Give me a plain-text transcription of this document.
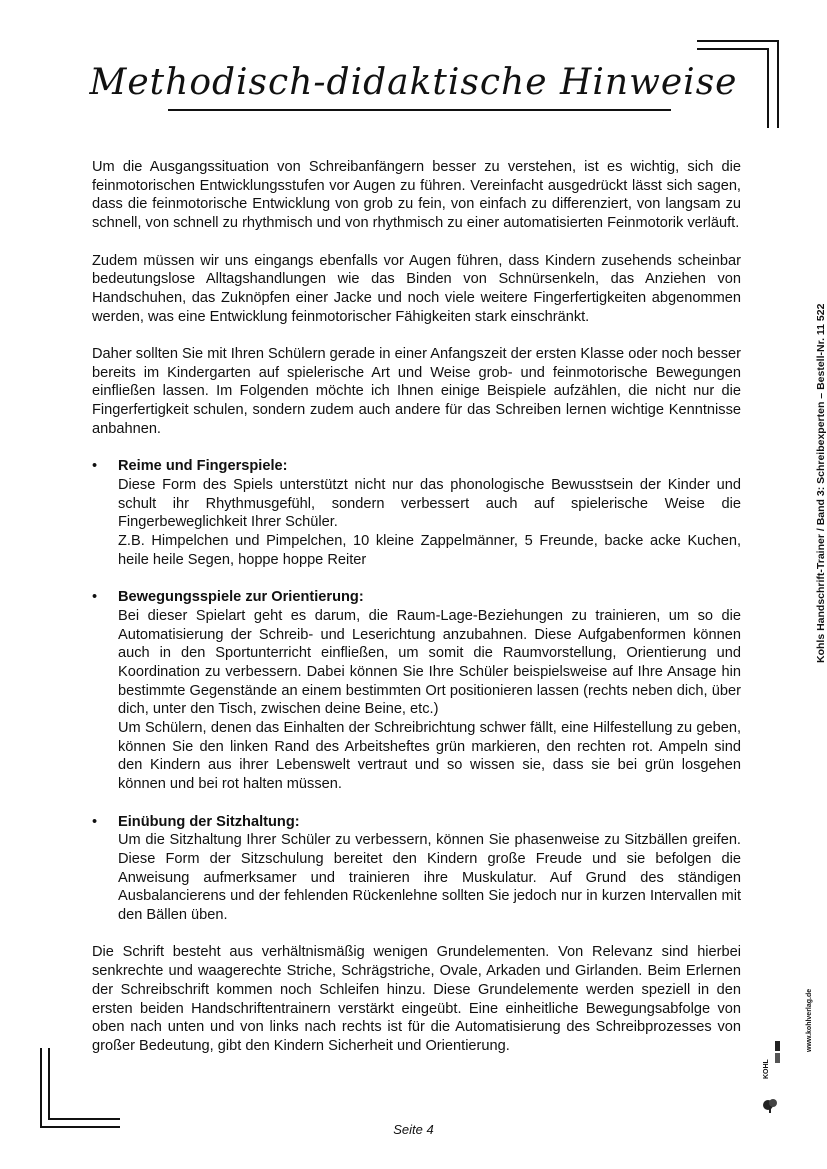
Methodisch-didaktische Hinweise

Um die Ausgangssituation von Schreibanfängern besser zu verstehen, ist es wichtig, sich die feinmotorischen Entwicklungsstufen vor Augen zu führen. Vereinfacht ausgedrückt lässt sich sagen, dass die feinmotorische Entwicklung von grob zu fein, von einfach zu differenziert, von langsam zu schnell, von schnell zu rhythmisch und von rhythmisch zu einer automatisierten Feinmotorik verläuft.

Zudem müssen wir uns eingangs ebenfalls vor Augen führen, dass Kindern zusehends scheinbar bedeutungslose Alltagshandlungen wie das Binden von Schnürsenkeln, das Anziehen von Handschuhen, das Zuknöpfen einer Jacke und noch viele weitere Fingerfertigkeiten abgenommen werden, was eine Entwicklung feinmotorischer Fähigkeiten stark einschränkt.

Daher sollten Sie mit Ihren Schülern gerade in einer Anfangszeit der ersten Klasse oder noch besser bereits im Kindergarten auf spielerische Art und Weise grob- und feinmotorische Bewegungen einfließen lassen. Im Folgenden möchte ich Ihnen einige Beispiele aufzählen, die nicht nur die Fingerfertigkeit schulen, sondern zudem auch andere für das Schreiben lernen wichtige Kenntnisse anbahnen.

• Reime und Fingerspiele:
Diese Form des Spiels unterstützt nicht nur das phonologische Bewusstsein der Kinder und schult ihr Rhythmusgefühl, sondern verbessert auch auf spielerische Weise die Fingerbeweglichkeit Ihrer Schüler.
Z.B. Himpelchen und Pimpelchen, 10 kleine Zappelmänner, 5 Freunde, backe acke Kuchen, heile heile Segen, hoppe hoppe Reiter
• Bewegungsspiele zur Orientierung:
Bei dieser Spielart geht es darum, die Raum-Lage-Beziehungen zu trainieren, um so die Automatisierung der Schreib- und Leserichtung anzubahnen. Diese Aufgabenformen können auch in den Sportunterricht einfließen, um somit die Raumvorstellung, Orientierung und Koordination zu verbessern. Dabei können Sie Ihre Schüler beispielsweise auf Ihre Ansage hin bestimmte Gegenstände an einem bestimmten Ort positionieren lassen (rechts neben dich, über dich, unter den Tisch, zwischen deine Beine, etc.)
Um Schülern, denen das Einhalten der Schreibrichtung schwer fällt, eine Hilfestellung zu geben, können Sie den linken Rand des Arbeitsheftes grün markieren, den rechten rot. Ampeln sind den Kindern aus ihrer Lebenswelt vertraut und so wissen sie, dass sie bei grün losgehen können und bei rot halten müssen.
• Einübung der Sitzhaltung:
Um die Sitzhaltung Ihrer Schüler zu verbessern, können Sie phasenweise zu Sitzbällen greifen. Diese Form der Sitzschulung bereitet den Kindern große Freude und sie befolgen die Anweisung aufmerksamer und trainieren ihre Muskulatur. Auf Grund des ständigen Ausbalancierens und der fehlenden Rückenlehne sollten Sie jedoch nur in kurzen Intervallen mit den Bällen üben.

Die Schrift besteht aus verhältnismäßig wenigen Grundelementen. Von Relevanz sind hierbei senkrechte und waagerechte Striche, Schrägstriche, Ovale, Arkaden und Girlanden. Beim Erlernen der Schreibschrift kommen noch Schleifen hinzu. Diese Grundelemente werden speziell in den ersten beiden Handschriftentrainern verstärkt eingeübt. Eine einheitliche Bewegungsabfolge von oben nach unten und von links nach rechts ist für die Automatisierung des Schreibprozesses von großer Bedeutung, gibt den Kindern Sicherheit und Orientierung.

Kohls Handschrift-Trainer / Band 3: Schreibexperten – Bestell-Nr. 11 522
www.kohlverlag.de
KOHL
Seite 4
